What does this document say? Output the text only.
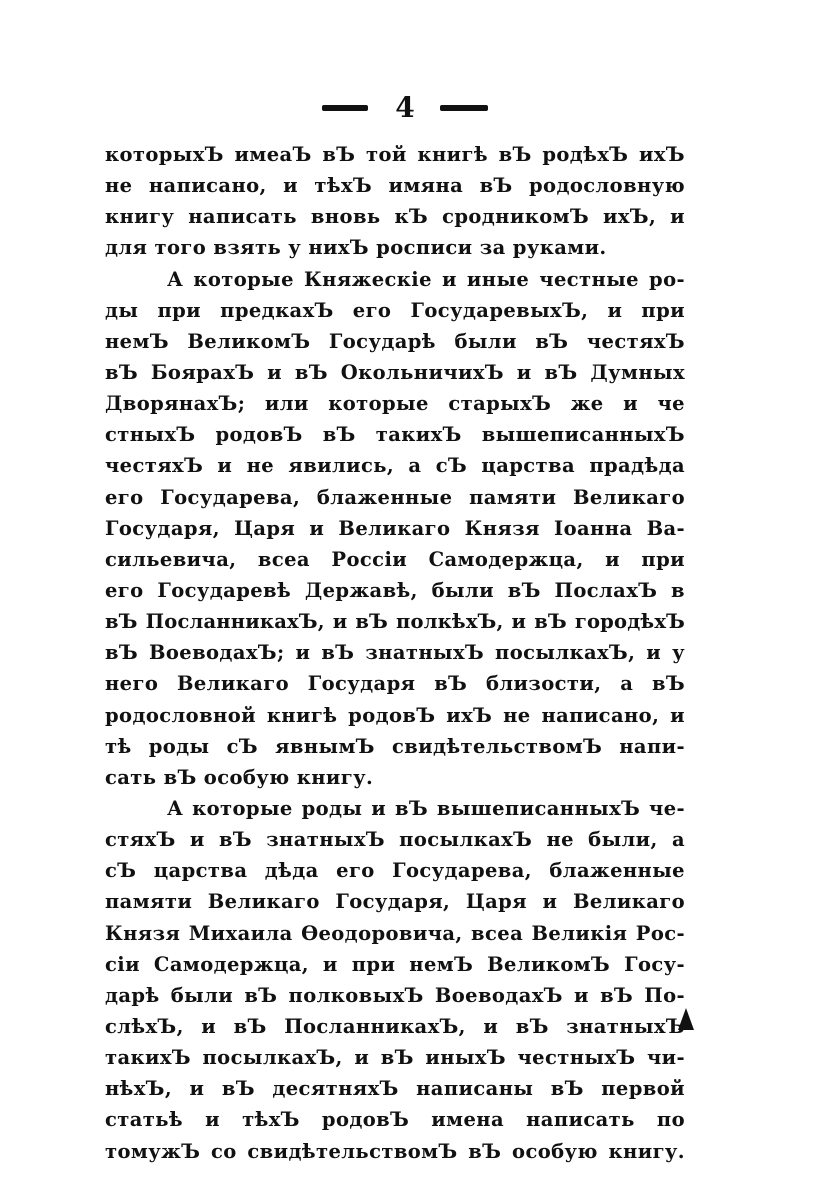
4
которыхЪ имеаЪ вЪ той книгѣ вЪ родѣхЪ ихЪ
не написано, и тѣхЪ имяна вЪ родословную
книгу написать вновь кЪ сродникомЪ ихЪ, и
для того взять у нихЪ росписи за руками.
А которые Княжескіе и иные честные ро-
ды при предкахЪ его ГосударевыхЪ, и при
немЪ ВеликомЪ Государѣ были вЪ честяхЪ
вЪ БоярахЪ и вЪ ОкольничихЪ и вЪ Думных
ДворянахЪ; или которые старыхЪ же и че
стныхЪ родовЪ вЪ такихЪ вышеписанныхЪ
честяхЪ и не явились, а сЪ царства прадѣда
его Государева, блаженные памяти Великаго
Государя, Царя и Великаго Князя Іоанна Ва-
сильевича, всеа Россіи Самодержца, и при
его Государевѣ Державѣ, были вЪ ПослахЪ в
вЪ ПосланникахЪ, и вЪ полкѣхЪ, и вЪ городѣхЪ
вЪ ВоеводахЪ; и вЪ знатныхЪ посылкахЪ, и у
него Великаго Государя вЪ близости, а вЪ
родословной книгѣ родовЪ ихЪ не написано, и
тѣ роды сЪ явнымЪ свидѣтельствомЪ напи-
сать вЪ особую книгу.
А которые роды и вЪ вышеписанныхЪ че-
стяхЪ и вЪ знатныхЪ посылкахЪ не были, а
сЪ царства дѣда его Государева, блаженные
памяти Великаго Государя, Царя и Великаго
Князя Михаила Ѳеодоровича, всеа Великія Рос-
сіи Самодержца, и при немЪ ВеликомЪ Госу-
дарѣ были вЪ полковыхЪ ВоеводахЪ и вЪ По-
слѣхЪ, и вЪ ПосланникахЪ, и вЪ знатныхЪ
такихЪ посылкахЪ, и вЪ иныхЪ честныхЪ чи-
нѣхЪ, и вЪ десятняхЪ написаны вЪ первой
статьѣ и тѣхЪ родовЪ имена написать по
томужЪ со свидѣтельствомЪ вЪ особую книгу.
